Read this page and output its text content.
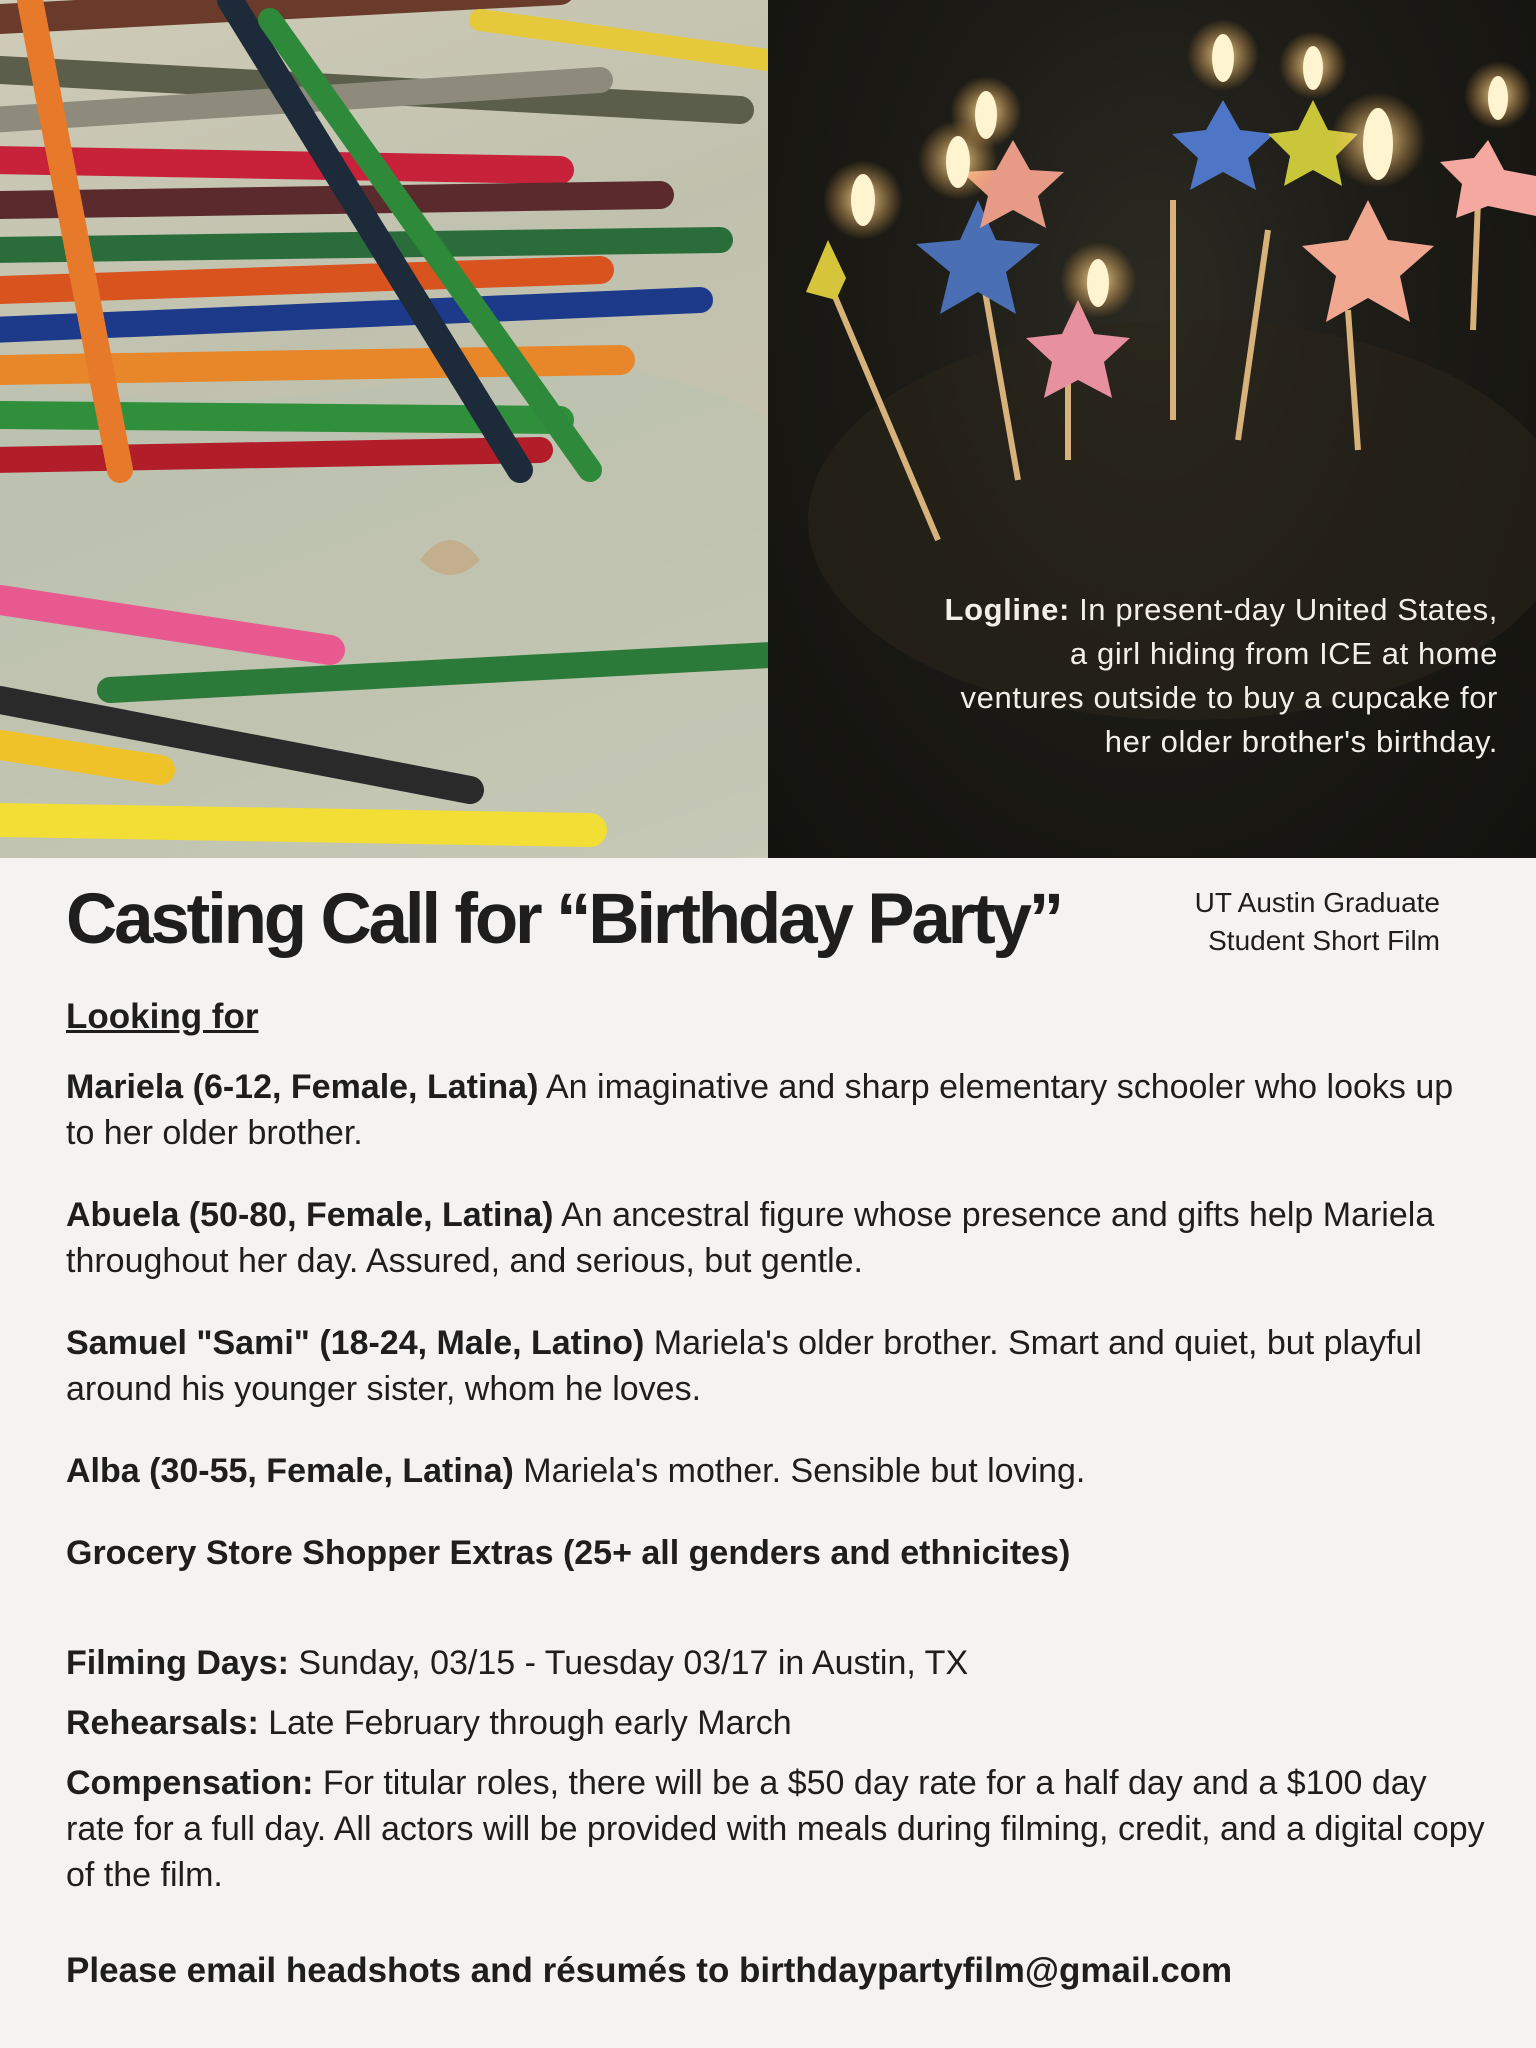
Logline: In present-day United States, a girl hiding from ICE at home ventures outside to buy a cupcake for her older brother's birthday.
Casting Call for “Birthday Party”	UT Austin Graduate
Student Short Film
Looking for
Mariela (6-12, Female, Latina) An imaginative and sharp elementary schooler who looks up to her older brother.
Abuela (50-80, Female, Latina) An ancestral figure whose presence and gifts help Mariela throughout her day. Assured, and serious, but gentle.
Samuel "Sami" (18-24, Male, Latino) Mariela's older brother. Smart and quiet, but playful around his younger sister, whom he loves.
Alba (30-55, Female, Latina) Mariela's mother. Sensible but loving.
Grocery Store Shopper Extras (25+ all genders and ethnicites)
Filming Days: Sunday, 03/15 - Tuesday 03/17 in Austin, TX
Rehearsals: Late February through early March
Compensation: For titular roles, there will be a $50 day rate for a half day and a $100 day rate for a full day. All actors will be provided with meals during filming, credit, and a digital copy of the film.
Please email headshots and résumés to birthdaypartyfilm@gmail.com
